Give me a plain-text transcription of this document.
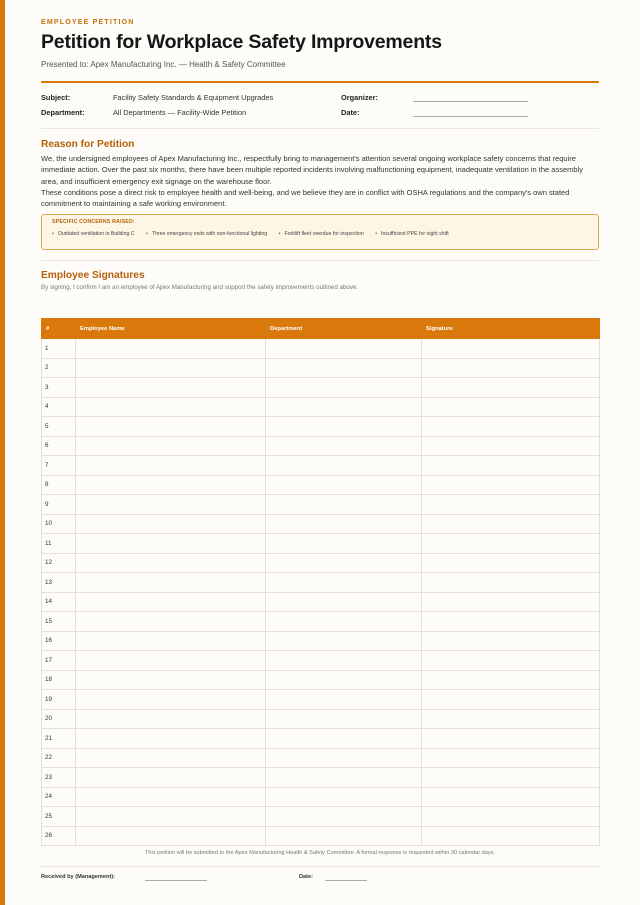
EMPLOYEE PETITION
Petition for Workplace Safety Improvements
Presented to: Apex Manufacturing Inc. — Health & Safety Committee
Subject:	Facility Safety Standards & Equipment Upgrades	Organizer:
Department:	All Departments — Facility-Wide Petition	Date:
Reason for Petition

We, the undersigned employees of Apex Manufacturing Inc., respectfully bring to management's attention several ongoing workplace safety concerns that require immediate action. Over the past six months, there have been multiple reported incidents involving malfunctioning equipment, inadequate ventilation in the assembly area, and insufficient emergency exit signage on the warehouse floor.

These conditions pose a direct risk to employee health and well-being, and we believe they are in conflict with OSHA regulations and the company's own stated commitment to maintaining a safe working environment.

SPECIFIC CONCERNS RAISED:
• Outdated ventilation in Building C	• Three emergency exits with non-functional lighting	• Forklift fleet overdue for inspection	• Insufficient PPE for night shift
Employee Signatures
By signing, I confirm I am an employee of Apex Manufacturing and support the safety improvements outlined above.
#	Employee Name	Department	Signature
1			
2			
3			
4			
5			
6			
7			
8			
9			
10			
11			
12			
13			
14			
15			
16			
17			
18			
19			
20			
21			
22			
23			
24			
25			
26			
This petition will be submitted to the Apex Manufacturing Health & Safety Committee. A formal response is requested within 30 calendar days.
Received by (Management):	Date:
